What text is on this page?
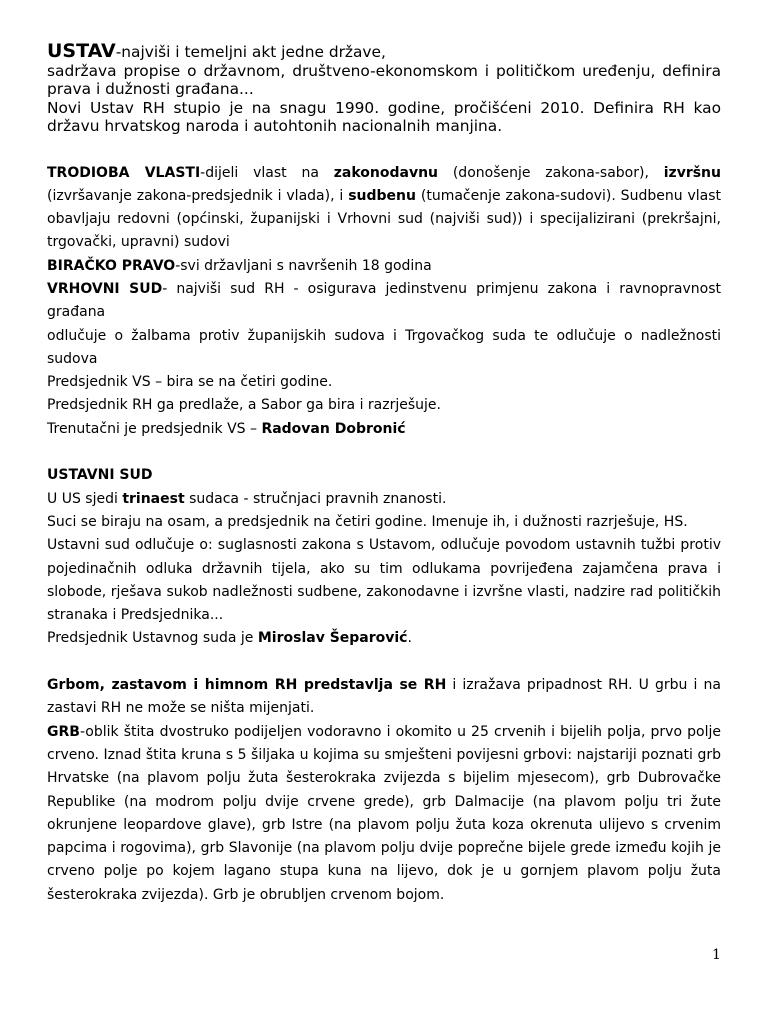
USTAV-najviši i temeljni akt jedne države,
sadržava propise o državnom, društveno-ekonomskom i političkom uređenju, definira
prava i dužnosti građana...
Novi Ustav RH stupio je na snagu 1990. godine, pročišćeni 2010. Definira RH kao
državu hrvatskog naroda i autohtonih nacionalnih manjina.

TRODIOBA VLASTI-dijeli vlast na zakonodavnu (donošenje zakona-sabor), izvršnu (izvršavanje zakona-predsjednik i vlada), i sudbenu (tumačenje zakona-sudovi). Sudbenu vlast obavljaju redovni (općinski, županijski i Vrhovni sud (najviši sud)) i specijalizirani (prekršajni, trgovački, upravni) sudovi

BIRAČKO PRAVO-svi državljani s navršenih 18 godina

VRHOVNI SUD- najviši sud RH - osigurava jedinstvenu primjenu zakona i ravnopravnost građana

odlučuje o žalbama protiv županijskih sudova i Trgovačkog suda te odlučuje o nadležnosti sudova

Predsjednik VS – bira se na četiri godine.

Predsjednik RH ga predlaže, a Sabor ga bira i razrješuje.

Trenutačni je predsjednik VS – Radovan Dobronić

USTAVNI SUD

U US sjedi trinaest sudaca - stručnjaci pravnih znanosti.

Suci se biraju na osam, a predsjednik na četiri godine. Imenuje ih, i dužnosti razrješuje, HS.

Ustavni sud odlučuje o: suglasnosti zakona s Ustavom, odlučuje povodom ustavnih tužbi protiv pojedinačnih odluka državnih tijela, ako su tim odlukama povrijeđena zajamčena prava i slobode, rješava sukob nadležnosti sudbene, zakonodavne i izvršne vlasti, nadzire rad političkih stranaka i Predsjednika...

Predsjednik Ustavnog suda je Miroslav Šeparović.

Grbom, zastavom i himnom RH predstavlja se RH i izražava pripadnost RH. U grbu i na zastavi RH ne može se ništa mijenjati.

GRB-oblik štita dvostruko podijeljen vodoravno i okomito u 25 crvenih i bijelih polja, prvo polje crveno. Iznad štita kruna s 5 šiljaka u kojima su smješteni povijesni grbovi: najstariji poznati grb Hrvatske (na plavom polju žuta šesterokraka zvijezda s bijelim mjesecom), grb Dubrovačke Republike (na modrom polju dvije crvene grede), grb Dalmacije (na plavom polju tri žute okrunjene leopardove glave), grb Istre (na plavom polju žuta koza okrenuta ulijevo s crvenim papcima i rogovima), grb Slavonije (na plavom polju dvije poprečne bijele grede između kojih je crveno polje po kojem lagano stupa kuna na lijevo, dok je u gornjem plavom polju žuta šesterokraka zvijezda). Grb je obrubljen crvenom bojom.

1
